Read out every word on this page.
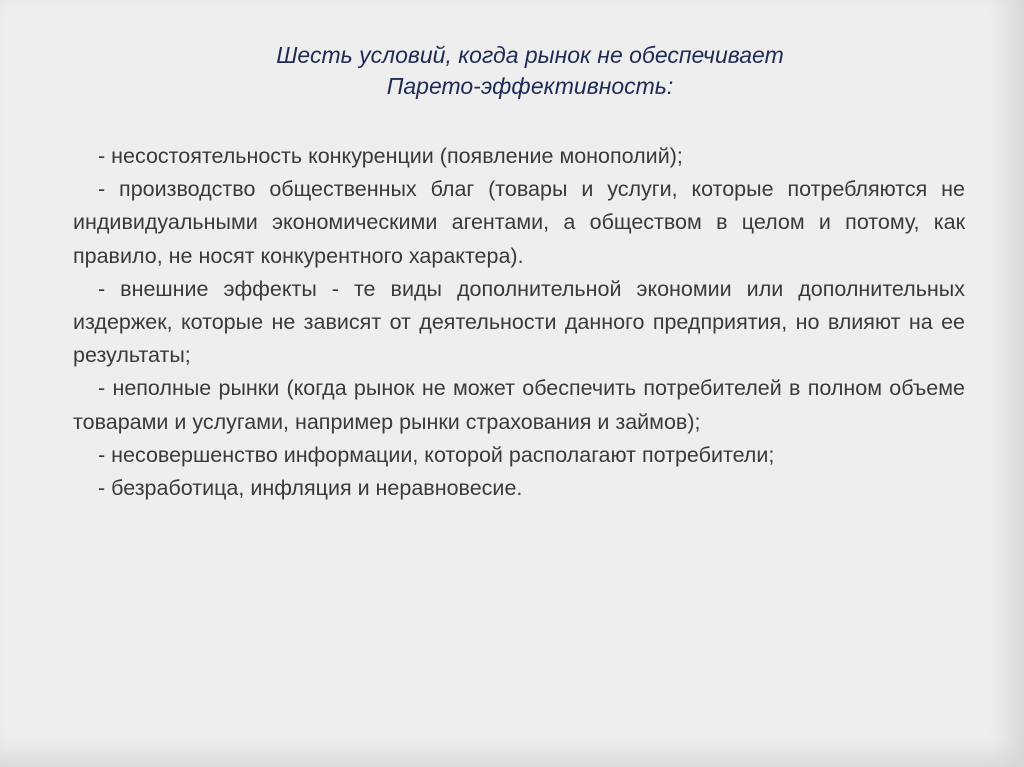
Шесть условий, когда рынок не обеспечивает
Парето-эффективность:

- несостоятельность конкуренции (появление монополий);

- производство общественных благ (товары и услуги, которые потребляются не индивидуальными экономическими агентами, а обществом в целом и потому, как правило, не носят конкурентного характера).

- внешние эффекты - те виды дополнительной экономии или дополнительных издержек, которые не зависят от деятельности данного предприятия, но влияют на ее результаты;

- неполные рынки (когда рынок не может обеспечить потребителей в полном объеме товарами и услугами, например рынки страхования и займов);

- несовершенство информации, которой располагают потребители;

- безработица, инфляция и неравновесие.
